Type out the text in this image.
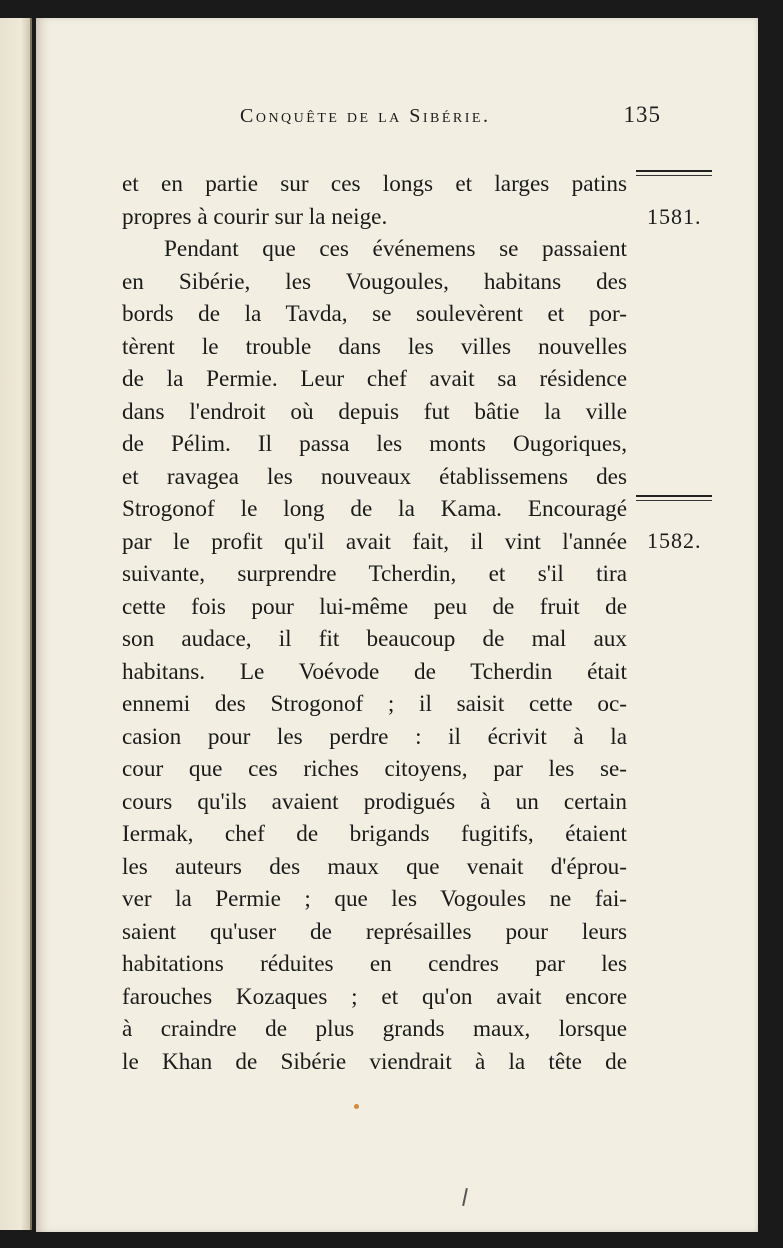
Conquête de la Sibérie.	135
et en partie sur ces longs et larges patins
propres à courir sur la neige.
Pendant que ces événemens se passaient
en Sibérie, les Vougoules, habitans des
bords de la Tavda, se soulevèrent et por-
tèrent le trouble dans les villes nouvelles
de la Permie. Leur chef avait sa résidence
dans l'endroit où depuis fut bâtie la ville
de Pélim. Il passa les monts Ougoriques,
et ravagea les nouveaux établissemens des
Strogonof le long de la Kama. Encouragé
par le profit qu'il avait fait, il vint l'année
suivante, surprendre Tcherdin, et s'il tira
cette fois pour lui-même peu de fruit de
son audace, il fit beaucoup de mal aux
habitans. Le Voévode de Tcherdin était
ennemi des Strogonof ; il saisit cette oc-
casion pour les perdre : il écrivit à la
cour que ces riches citoyens, par les se-
cours qu'ils avaient prodigués à un certain
Iermak, chef de brigands fugitifs, étaient
les auteurs des maux que venait d'éprou-
ver la Permie ; que les Vogoules ne fai-
saient qu'user de représailles pour leurs
habitations réduites en cendres par les
farouches Kozaques ; et qu'on avait encore
à craindre de plus grands maux, lorsque
le Khan de Sibérie viendrait à la tête de
1581.
1582.
